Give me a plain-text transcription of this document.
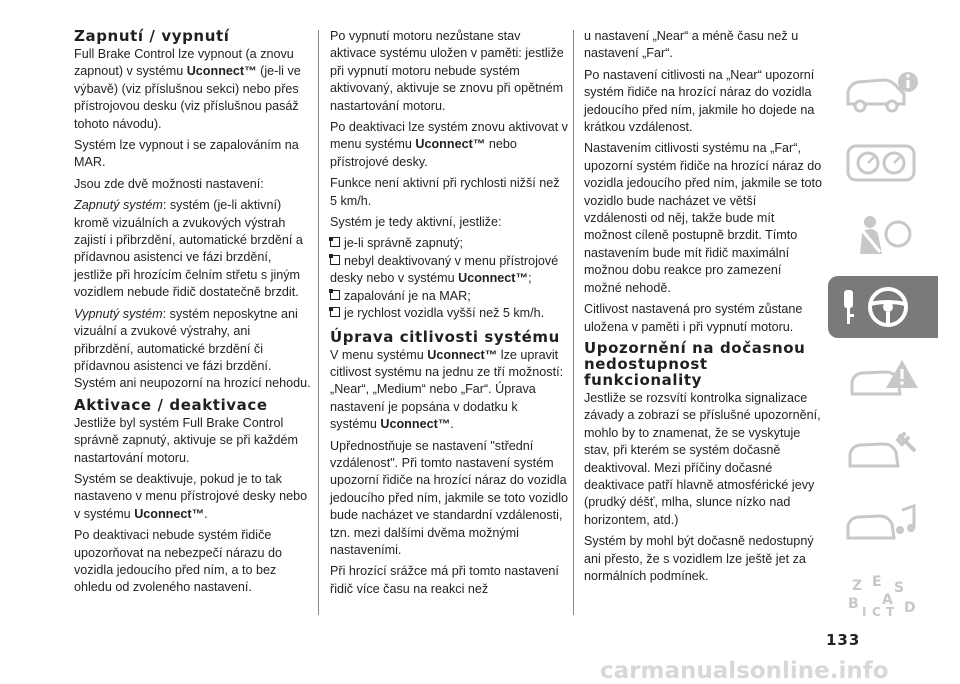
Zapnutí / vypnutí

Full Brake Control lze vypnout (a znovu zapnout) v systému Uconnect™ (je-li ve výbavě) (viz příslušnou sekci) nebo přes přístrojovou desku (viz příslušnou pasáž tohoto návodu).

Systém lze vypnout i se zapalováním na MAR.

Jsou zde dvě možnosti nastavení:

Zapnutý systém: systém (je-li aktivní) kromě vizuálních a zvukových výstrah zajistí i přibrzdění, automatické brzdění a přídavnou asistenci ve fázi brzdění, jestliže při hrozícím čelním střetu s jiným vozidlem nebude řidič dostatečně brzdit.

Vypnutý systém: systém neposkytne ani vizuální a zvukové výstrahy, ani přibrzdění, automatické brzdění či přídavnou asistenci ve fázi brzdění. Systém ani neupozorní na hrozící nehodu.

Aktivace / deaktivace

Jestliže byl systém Full Brake Control správně zapnutý, aktivuje se při každém nastartování motoru.

Systém se deaktivuje, pokud je to tak nastaveno v menu přístrojové desky nebo v systému Uconnect™.

Po deaktivaci nebude systém řidiče upozorňovat na nebezpečí nárazu do vozidla jedoucího před ním, a to bez ohledu od zvoleného nastavení.

Po vypnutí motoru nezůstane stav aktivace systému uložen v paměti: jestliže při vypnutí motoru nebude systém aktivovaný, aktivuje se znovu při opětném nastartování motoru.

Po deaktivaci lze systém znovu aktivovat v menu systému Uconnect™ nebo přístrojové desky.

Funkce není aktivní při rychlosti nižší než 5 km/h.

Systém je tedy aktivní, jestliže:

je-li správně zapnutý;
nebyl deaktivovaný v menu přístrojové desky nebo v systému Uconnect™;
zapalování je na MAR;
je rychlost vozidla vyšší než 5 km/h.
Úprava citlivosti systému

V menu systému Uconnect™ lze upravit citlivost systému na jednu ze tří možností: „Near“, „Medium“ nebo „Far“. Úprava nastavení je popsána v dodatku k systému Uconnect™.

Upřednostňuje se nastavení "střední vzdálenost". Při tomto nastavení systém upozorní řidiče na hrozící náraz do vozidla jedoucího před ním, jakmile se toto vozidlo bude nacházet ve standardní vzdálenosti, tzn. mezi dalšími dvěma možnými nastaveními.

Při hrozící srážce má při tomto nastavení řidič více času na reakci než

u nastavení „Near“ a méně času než u nastavení „Far“.

Po nastavení citlivosti na „Near“ upozorní systém řidiče na hrozící náraz do vozidla jedoucího před ním, jakmile ho dojede na krátkou vzdálenost.

Nastavením citlivosti systému na „Far“, upozorní systém řidiče na hrozící náraz do vozidla jedoucího před ním, jakmile se toto vozidlo bude nacházet ve větší vzdálenosti od něj, takže bude mít možnost cíleně postupně brzdit. Tímto nastavením bude mít řidič maximální možnou dobu reakce pro zamezení možné nehodě.

Citlivost nastavená pro systém zůstane uložena v paměti i při vypnutí motoru.

Upozornění na dočasnou nedostupnost funkcionality

Jestliže se rozsvítí kontrolka signalizace závady a zobrazí se příslušné upozornění, mohlo by to znamenat, že se vyskytuje stav, při kterém se systém dočasně deaktivoval. Mezi příčiny dočasné deaktivace patří hlavně atmosférické jevy (prudký déšť, mlha, slunce nízko nad horizontem, atd.)

Systém by mohl být dočasně nedostupný ani přesto, že s vozidlem lze ještě jet za normálních podmínek.

Z E S
B A
I C T D
133
carmanualsonline.info
